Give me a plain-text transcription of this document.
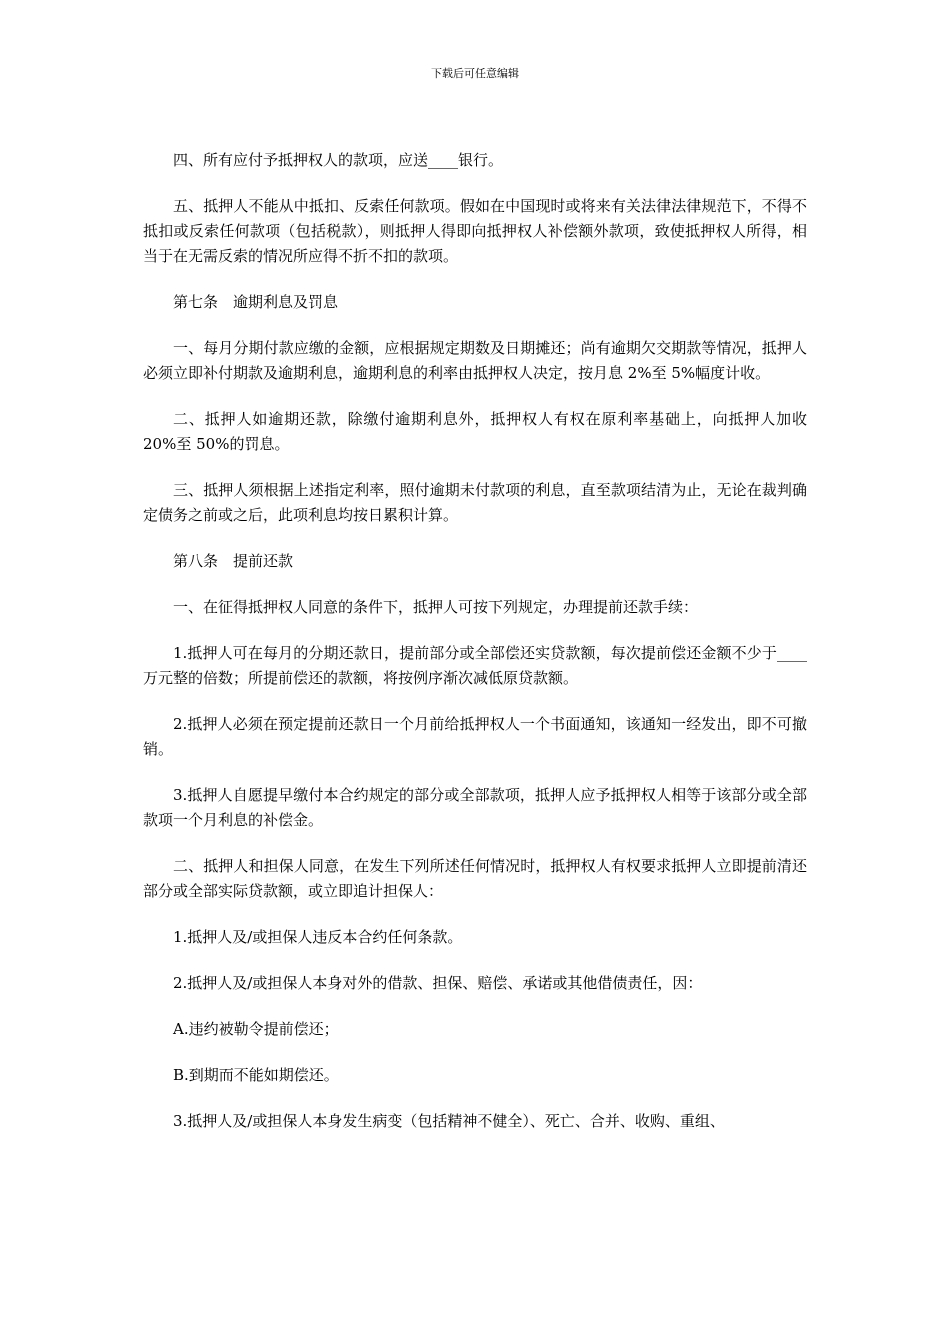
下载后可任意编辑

四、所有应付予抵押权人的款项，应送____银行。

五、抵押人不能从中抵扣、反索任何款项。假如在中国现时或将来有关法律法律规范下，不得不抵扣或反索任何款项（包括税款），则抵押人得即向抵押权人补偿额外款项，致使抵押权人所得，相当于在无需反索的情况所应得不折不扣的款项。

第七条　逾期利息及罚息

一、每月分期付款应缴的金额，应根据规定期数及日期摊还；尚有逾期欠交期款等情况，抵押人必须立即补付期款及逾期利息，逾期利息的利率由抵押权人决定，按月息 2%至 5%幅度计收。

二、抵押人如逾期还款，除缴付逾期利息外，抵押权人有权在原利率基础上，向抵押人加收 20%至 50%的罚息。

三、抵押人须根据上述指定利率，照付逾期未付款项的利息，直至款项结清为止，无论在裁判确定债务之前或之后，此项利息均按日累积计算。

第八条　提前还款

一、在征得抵押权人同意的条件下，抵押人可按下列规定，办理提前还款手续：

1.抵押人可在每月的分期还款日，提前部分或全部偿还实贷款额，每次提前偿还金额不少于____ 万元整的倍数；所提前偿还的款额，将按例序渐次减低原贷款额。

2.抵押人必须在预定提前还款日一个月前给抵押权人一个书面通知，该通知一经发出，即不可撤销。

3.抵押人自愿提早缴付本合约规定的部分或全部款项，抵押人应予抵押权人相等于该部分或全部款项一个月利息的补偿金。

二、抵押人和担保人同意，在发生下列所述任何情况时，抵押权人有权要求抵押人立即提前清还部分或全部实际贷款额，或立即追计担保人：

1.抵押人及/或担保人违反本合约任何条款。

2.抵押人及/或担保人本身对外的借款、担保、赔偿、承诺或其他借债责任，因：

A.违约被勒令提前偿还；

B.到期而不能如期偿还。

3.抵押人及/或担保人本身发生病变（包括精神不健全）、死亡、合并、收购、重组、
